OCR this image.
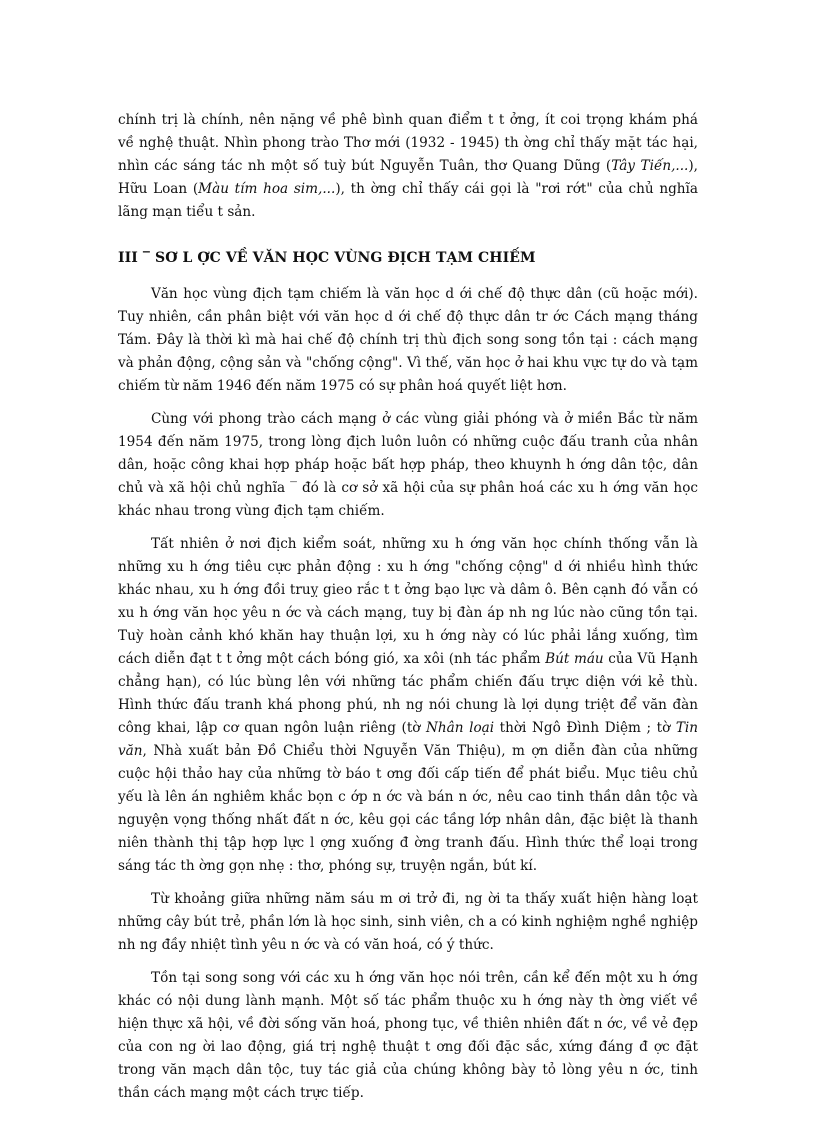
chính trị là chính, nên nặng về phê bình quan điểm t t ởng, ít coi trọng khám phá về nghệ thuật. Nhìn phong trào Thơ mới (1932 - 1945) th ờng chỉ thấy mặt tác hại, nhìn các sáng tác nh một số tuỳ bút Nguyễn Tuân, thơ Quang Dũng (Tây Tiến,...), Hữu Loan (Màu tím hoa sim,...), th ờng chỉ thấy cái gọi là "rơi rớt" của chủ nghĩa lãng mạn tiểu t sản.

III ‾ SƠ L ỢC VỀ VĂN HỌC VÙNG ĐỊCH TẠM CHIẾM

Văn học vùng địch tạm chiếm là văn học d ới chế độ thực dân (cũ hoặc mới). Tuy nhiên, cần phân biệt với văn học d ới chế độ thực dân tr ớc Cách mạng tháng Tám. Đây là thời kì mà hai chế độ chính trị thù địch song song tồn tại : cách mạng và phản động, cộng sản và "chống cộng". Vì thế, văn học ở hai khu vực tự do và tạm chiếm từ năm 1946 đến năm 1975 có sự phân hoá quyết liệt hơn.

Cùng với phong trào cách mạng ở các vùng giải phóng và ở miền Bắc từ năm 1954 đến năm 1975, trong lòng địch luôn luôn có những cuộc đấu tranh của nhân dân, hoặc công khai hợp pháp hoặc bất hợp pháp, theo khuynh h ớng dân tộc, dân chủ và xã hội chủ nghĩa ‾ đó là cơ sở xã hội của sự phân hoá các xu h ớng văn học khác nhau trong vùng địch tạm chiếm.

Tất nhiên ở nơi địch kiểm soát, những xu h ớng văn học chính thống vẫn là những xu h ớng tiêu cực phản động : xu h ớng "chống cộng" d ới nhiều hình thức khác nhau, xu h ớng đồi truỵ gieo rắc t t ởng bạo lực và dâm ô. Bên cạnh đó vẫn có xu h ớng văn học yêu n ớc và cách mạng, tuy bị đàn áp nh ng lúc nào cũng tồn tại. Tuỳ hoàn cảnh khó khăn hay thuận lợi, xu h ớng này có lúc phải lắng xuống, tìm cách diễn đạt t t ởng một cách bóng gió, xa xôi (nh tác phẩm Bút máu của Vũ Hạnh chẳng hạn), có lúc bùng lên với những tác phẩm chiến đấu trực diện với kẻ thù. Hình thức đấu tranh khá phong phú, nh ng nói chung là lợi dụng triệt để văn đàn công khai, lập cơ quan ngôn luận riêng (tờ Nhân loại thời Ngô Đình Diệm ; tờ Tin văn, Nhà xuất bản Đồ Chiểu thời Nguyễn Văn Thiệu), m ợn diễn đàn của những cuộc hội thảo hay của những tờ báo t ơng đối cấp tiến để phát biểu. Mục tiêu chủ yếu là lên án nghiêm khắc bọn c ớp n ớc và bán n ớc, nêu cao tinh thần dân tộc và nguyện vọng thống nhất đất n ớc, kêu gọi các tầng lớp nhân dân, đặc biệt là thanh niên thành thị tập hợp lực l ợng xuống đ ờng tranh đấu. Hình thức thể loại trong sáng tác th ờng gọn nhẹ : thơ, phóng sự, truyện ngắn, bút kí.

Từ khoảng giữa những năm sáu m ơi trở đi, ng ời ta thấy xuất hiện hàng loạt những cây bút trẻ, phần lớn là học sinh, sinh viên, ch a có kinh nghiệm nghề nghiệp nh ng đầy nhiệt tình yêu n ớc và có văn hoá, có ý thức.

Tồn tại song song với các xu h ớng văn học nói trên, cần kể đến một xu h ớng khác có nội dung lành mạnh. Một số tác phẩm thuộc xu h ớng này th ờng viết về hiện thực xã hội, về đời sống văn hoá, phong tục, về thiên nhiên đất n ớc, về vẻ đẹp của con ng ời lao động, giá trị nghệ thuật t ơng đối đặc sắc, xứng đáng đ ợc đặt trong văn mạch dân tộc, tuy tác giả của chúng không bày tỏ lòng yêu n ớc, tinh thần cách mạng một cách trực tiếp.
